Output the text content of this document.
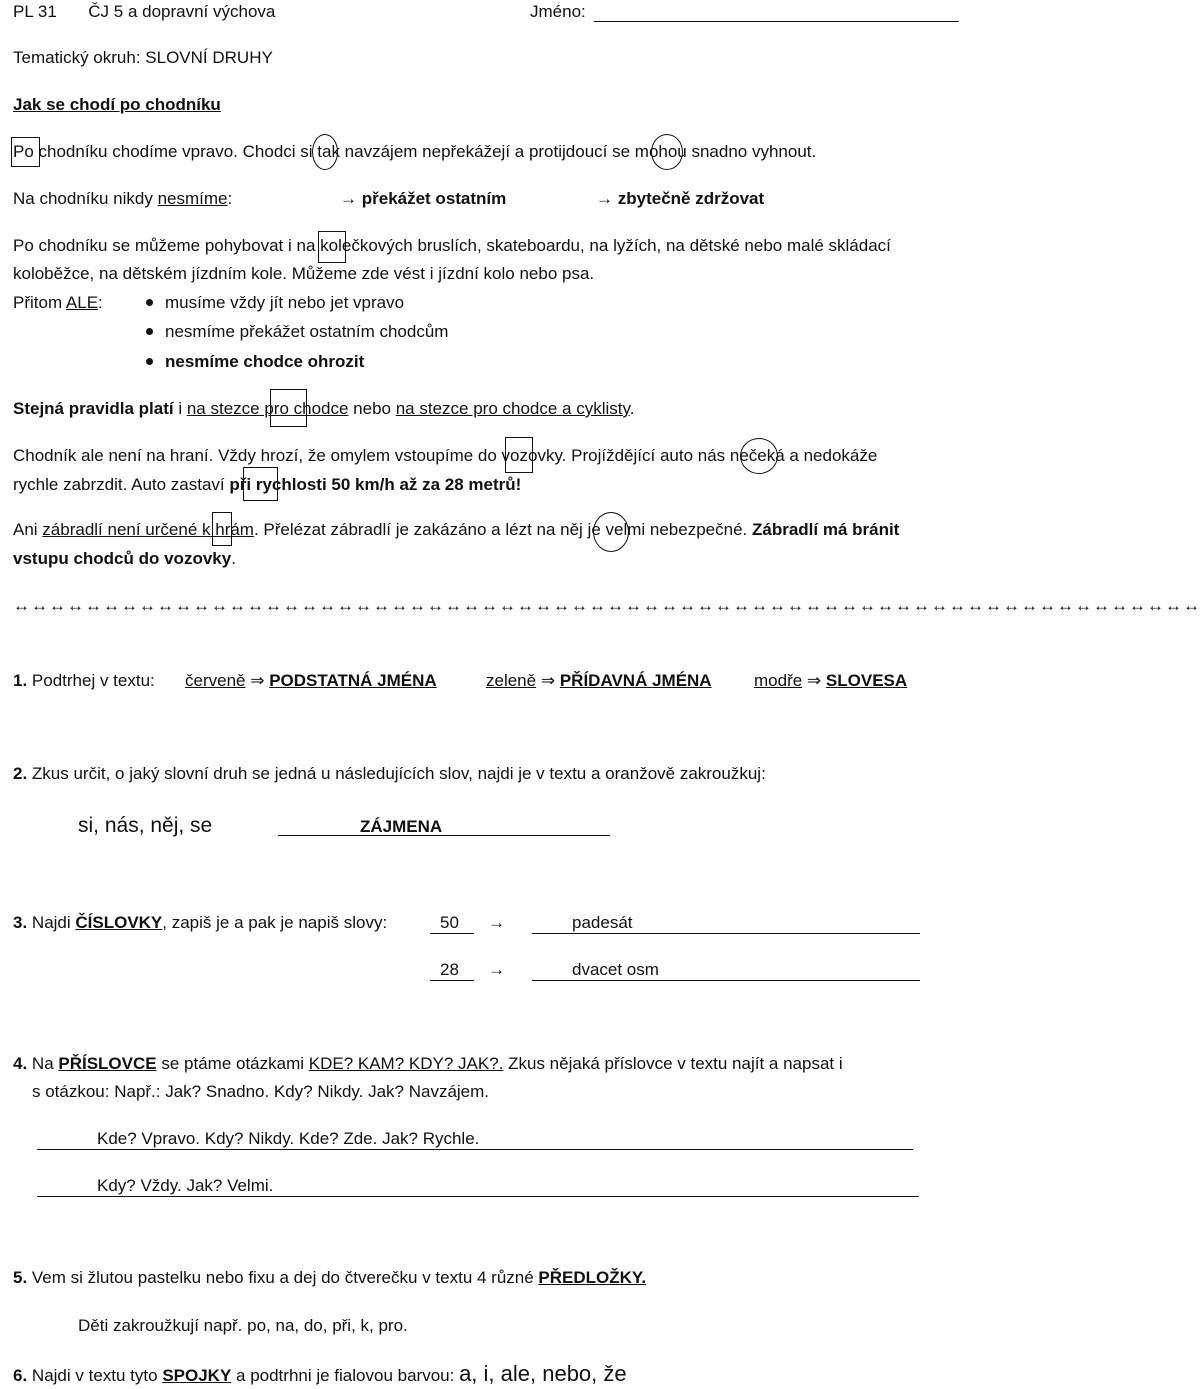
PL 31 ČJ 5 a dopravní výchova	Jméno:
Tematický okruh: SLOVNÍ DRUHY
Jak se chodí po chodníku
Po chodníku chodíme vpravo. Chodci si tak navzájem nepřekážejí a protijdoucí se mohou snadno vyhnout.
Na chodníku nikdy nesmíme:	→ překážet ostatním	→ zbytečně zdržovat
Po chodníku se můžeme pohybovat i na kolečkových bruslích, skateboardu, na lyžích, na dětské nebo malé skládací
koloběžce, na dětském jízdním kole. Můžeme zde vést i jízdní kolo nebo psa.
Přitom ALE:	musíme vždy jít nebo jet vpravo
nesmíme překážet ostatním chodcům
nesmíme chodce ohrozit
Stejná pravidla platí i na stezce pro chodce nebo na stezce pro chodce a cyklisty.
Chodník ale není na hraní. Vždy hrozí, že omylem vstoupíme do vozovky. Projíždějící auto nás nečeká a nedokáže
rychle zabrzdit. Auto zastaví při rychlosti 50 km/h až za 28 metrů!
Ani zábradlí není určené k hrám. Přelézat zábradlí je zakázáno a lézt na něj je velmi nebezpečné. Zábradlí má bránit
vstupu chodců do vozovky.
↔↔↔↔↔↔↔↔↔↔↔↔↔↔↔↔↔↔↔↔↔↔↔↔↔↔↔↔↔↔↔↔↔↔↔↔↔↔↔↔↔↔↔↔↔↔↔↔↔↔↔↔↔↔↔↔↔↔↔↔↔↔↔↔↔↔
1. Podtrhej v textu: červeně ⇒ PODSTATNÁ JMÉNA	zeleně ⇒ PŘÍDAVNÁ JMÉNA modře ⇒ SLOVESA
2. Zkus určit, o jaký slovní druh se jedná u následujících slov, najdi je v textu a oranžově zakroužkuj:
si, nás, něj, se	ZÁJMENA
3. Najdi ČÍSLOVKY, zapiš je a pak je napiš slovy:	50 →	padesát
28 →	dvacet osm
4. Na PŘÍSLOVCE se ptáme otázkami KDE? KAM? KDY? JAK?. Zkus nějaká příslovce v textu najít a napsat i
s otázkou: Např.: Jak? Snadno. Kdy? Nikdy. Jak? Navzájem.
Kde? Vpravo. Kdy? Nikdy. Kde? Zde. Jak? Rychle.
Kdy? Vždy. Jak? Velmi.
5. Vem si žlutou pastelku nebo fixu a dej do čtverečku v textu 4 různé PŘEDLOŽKY.
Děti zakroužkují např. po, na, do, při, k, pro.
6. Najdi v textu tyto SPOJKY a podtrhni je fialovou barvou: a, i, ale, nebo, že
